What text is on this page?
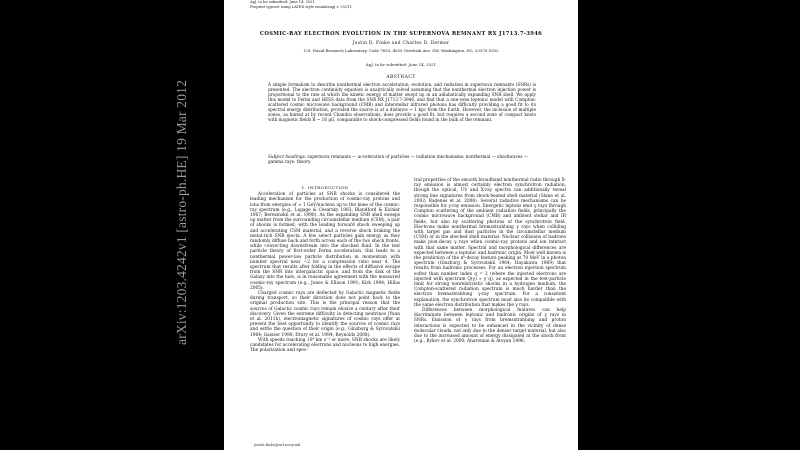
arXiv:1203.4242v1 [astro-ph.HE] 19 Mar 2012
ApJ, to be submitted: June 14, 2021
Preprint typeset using LATEX style emulateapj v. 5/2/11
COSMIC-RAY ELECTRON EVOLUTION IN THE SUPERNOVA REMNANT RX J1713.7-3946
Justin D. Finke and Charles D. Dermer
U.S. Naval Research Laboratory, Code 7653, 4555 Overlook Ave. SW, Washington, DC, 20375-5352
ApJ, to be submitted: June 14, 2021
ABSTRACT
A simple formalism to describe nonthermal electron acceleration, evolution, and radiation in supernova remnants (SNRs) is presented. The electron continuity equation is analytically solved assuming that the nonthermal electron injection power is proportional to the rate at which the kinetic energy of matter swept up in an adiabatically expanding SNR shell. We apply this model to Fermi and HESS data from the SNR RX J1713.7-3946, and find that a one-zone leptonic model with Compton-scattered cosmic microwave background (CMB) and interstellar infrared photons has difficulty providing a good fit to its spectral energy distribution, provided the source is at a distance ~ 1 kpc from the Earth. However, the inclusion of multiple zones, as hinted at by recent Chandra observations, does provide a good fit, but requires a second zone of compact knots with magnetic fields B ~ 16 μG, comparable to shock-compressed fields found in the bulk of the remnant.
Subject headings: supernova remnants — acceleration of particles — radiation mechanisms: nonthermal — shockwaves — gamma rays: theory
1. INTRODUCTION

Acceleration of particles at SNR shocks is considered the leading mechanism for the production of cosmic-ray protons and ions from energies of ≈ 1 GeV/nucleon up to the knee of the cosmic-ray spectrum (e.g., Lagage & Cesarsky 1983; Blandford & Eichler 1987; Berezinskii et al. 1990). As the expanding SNR shell sweeps up matter from the surrounding circumstellar medium (CSM), a pair of shocks is formed, with the leading forward shock sweeping up and accelerating CSM material, and a reverse shock braking the metal-rich SNR ejecta. A few select particles gain energy as they randomly diffuse back and forth across each of the two shock fronts, while convecting downstream into the shocked fluid. In the test particle theory of first-order Fermi acceleration, this leads to a nonthermal power-law particle distribution in momentum with number spectral near −2 for a compression ratio near 4. The spectrum that results after folding in the effects of diffusive escape from the SNR into intergalactic space, and from the disk of the Galaxy into the halo, is in reasonable agreement with the measured cosmic-ray spectrum (e.g., Jones & Ellison 1991; Kirk 1994; Hillas 2005).

Charged cosmic rays are deflected by Galactic magnetic fields during transport, so their direction does not point back to the original production site. This is the principal reason that the sources of Galactic cosmic rays remain elusive a century after their discovery. Given the extreme difficulty in detecting neutrinos (Yuan et al. 2011b), electromagnetic signatures of cosmic rays offer at present the best opportunity to identify the sources of cosmic rays and settle the question of their origin (e.g., Ginzburg & Syrovatskii 1964; Gaisser 1990; Drury et al. 1994; Reynolds 2008).

With speeds reaching 10⁴ km s⁻¹ or more, SNR shocks are likely candidates for accelerating electrons and nucleons to high energies. The polarization and spec-

tral properties of the smooth broadband nonthermal radio through X-ray emission is almost certainly electron synchrotron radiation, though the optical, UV and X-ray spectra can additionally reveal strong line signatures from shock-heated shell material (Slane et al. 2002; Badenes et al. 2006). Several radiative mechanisms can be responsible for γ-ray emission. Energetic leptons emit γ rays through Compton scattering of the ambient radiation fields, principally the cosmic microwave background (CMB) and ambient stellar and IR fields, but also by scattering photons of the synchrotron field. Electrons make nonthermal bremsstrahlung γ rays when colliding with target gas and dust particles in the circumstellar medium (CSM) or in the shocked shell material. Nuclear collisions of hadrons make pion-decay γ rays when cosmic-ray protons and ion interact with that same matter. Spectral and morphological differences are expected between a leptonic and hadronic origin. Most well known is the prediction of the π⁰-decay feature peaking at 70 MeV in a photon spectrum (Ginzburg & Syrovatskii 1964; Hayakawa 1969) that results from hadronic processes. For an electron injection spectrum softer than number index q = 2 (where the injected electrons are injected with spectrum Q(γ) ∝ γ⁻q), as expected in the test-particle limit for strong nonrelativistic shocks in a hydrogen medium, the Compton-scattered radiation spectrum is much harder than the electron bremsstrahlung γ-ray spectrum. For a consistent explanation, the synchrotron spectrum must also be compatible with the same electron distribution that makes the γ rays.

Differences between morphological features can help discriminate between leptonic and hadronic origins of γ rays in SNRs. Emission of γ rays from bremsstrahlung and proton interactions is expected to be enhanced in the vicinity of dense molecular clouds, not only due to the denser target material, but also due to the increased amount of energy dissipated at the shock front (e.g., Bykov et al. 2000; Aharonian & Atoyan 1996;

justin.finke@nrl.navy.mil
